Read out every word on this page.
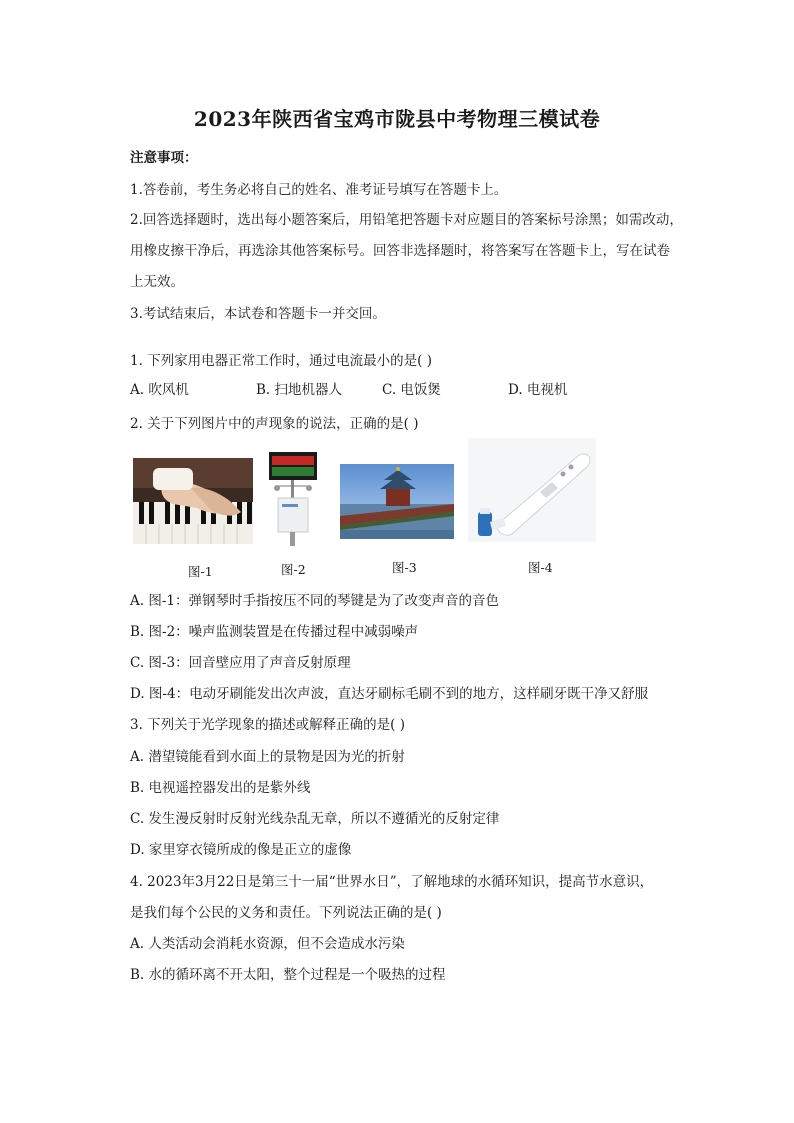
2023年陕西省宝鸡市陇县中考物理三模试卷
注意事项：
1.答卷前，考生务必将自己的姓名、准考证号填写在答题卡上。
2.回答选择题时，选出每小题答案后，用铅笔把答题卡对应题目的答案标号涂黑；如需改动，
用橡皮擦干净后，再选涂其他答案标号。回答非选择题时，将答案写在答题卡上，写在试卷
上无效。
3.考试结束后，本试卷和答题卡一并交回。
1. 下列家用电器正常工作时，通过电流最小的是( )
A. 吹风机	B. 扫地机器人	C. 电饭煲	D. 电视机
2. 关于下列图片中的声现象的说法，正确的是( )
图-1	图-2	图-3	图-4
A. 图-1：弹钢琴时手指按压不同的琴键是为了改变声音的音色
B. 图-2：噪声监测装置是在传播过程中减弱噪声
C. 图-3：回音壁应用了声音反射原理
D. 图-4：电动牙刷能发出次声波，直达牙刷标毛刷不到的地方，这样刷牙既干净又舒服
3. 下列关于光学现象的描述或解释正确的是( )
A. 潜望镜能看到水面上的景物是因为光的折射
B. 电视遥控器发出的是紫外线
C. 发生漫反射时反射光线杂乱无章，所以不遵循光的反射定律
D. 家里穿衣镜所成的像是正立的虚像
4. 2023年3月22日是第三十一届“世界水日”，了解地球的水循环知识，提高节水意识，
是我们每个公民的义务和责任。下列说法正确的是( )
A. 人类活动会消耗水资源，但不会造成水污染
B. 水的循环离不开太阳，整个过程是一个吸热的过程
